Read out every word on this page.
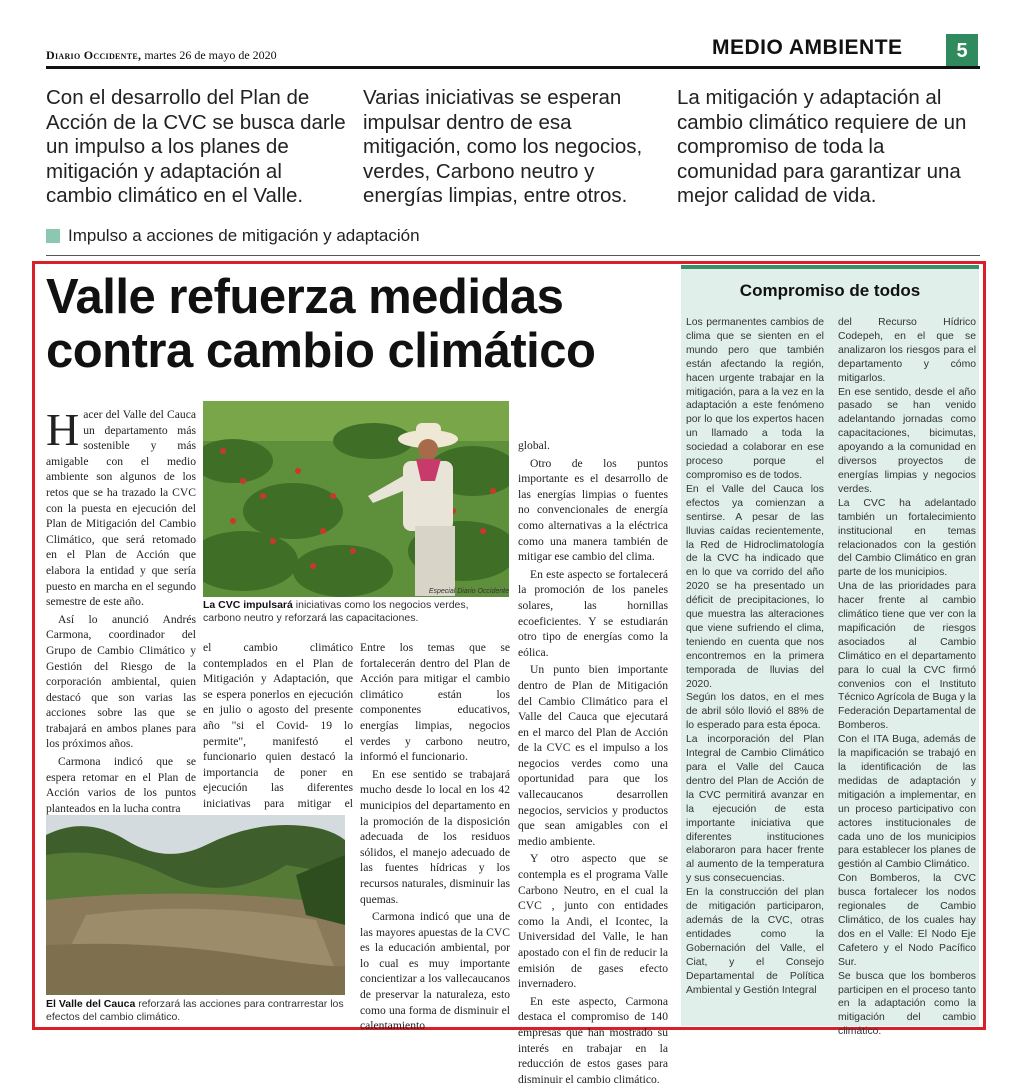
Diario Occidente, martes 26 de mayo de 2020	MEDIO AMBIENTE	5
Con el desarrollo del Plan de Acción de la CVC se busca darle un impulso a los planes de mitigación y adaptación al cambio climático en el Valle.
Varias iniciativas se esperan impulsar dentro de esa mitigación, como los negocios, verdes, Carbono neutro y energías limpias, entre otros.
La mitigación y adaptación al cambio climático requiere de un compromiso de toda la comunidad para garantizar una mejor calidad de vida.
Impulso a acciones de mitigación y adaptación
Valle refuerza medidas contra cambio climático

Hacer del Valle del Cauca un departamento más sostenible y más amigable con el medio ambiente son algunos de los retos que se ha trazado la CVC con la puesta en ejecución del Plan de Mitigación del Cambio Climático, que será retomado en el Plan de Acción que elabora la entidad y que sería puesto en marcha en el segundo semestre de este año.

Así lo anunció Andrés Carmona, coordinador del Grupo de Cambio Climático y Gestión del Riesgo de la corporación ambiental, quien destacó que son varias las acciones sobre las que se trabajará en ambos planes para los próximos años.

Carmona indicó que se espera retomar en el Plan de Acción varios de los puntos planteados en la lucha contra

Especial Diario Occidente
La CVC impulsará iniciativas como los negocios verdes, carbono neutro y reforzará las capacitaciones.

el cambio climático contemplados en el Plan de Mitigación y Adaptación, que se espera ponerlos en ejecución en julio o agosto del presente año "si el Covid- 19 lo permite", manifestó el funcionario quien destacó la importancia de poner en ejecución las diferentes iniciativas para mitigar el

El Valle del Cauca reforzará las acciones para contrarrestar los efectos del cambio climático.

Entre los temas que se fortalecerán dentro del Plan de Acción para mitigar el cambio climático están los componentes educativos, energías limpias, negocios verdes y carbono neutro, informó el funcionario.

En ese sentido se trabajará mucho desde lo local en los 42 municipios del departamento en la promoción de la disposición adecuada de los residuos sólidos, el manejo adecuado de las fuentes hídricas y los recursos naturales, disminuir las quemas.

Carmona indicó que una de las mayores apuestas de la CVC es la educación ambiental, por lo cual es muy importante concientizar a los vallecaucanos de preservar la naturaleza, esto como una forma de disminuir el calentamiento

global.

Otro de los puntos importante es el desarrollo de las energías limpias o fuentes no convencionales de energía como alternativas a la eléctrica como una manera también de mitigar ese cambio del clima.

En este aspecto se fortalecerá la promoción de los paneles solares, las hornillas ecoeficientes. Y se estudiarán otro tipo de energías como la eólica.

Un punto bien importante dentro de Plan de Mitigación del Cambio Climático para el Valle del Cauca que ejecutará en el marco del Plan de Acción de la CVC es el impulso a los negocios verdes como una oportunidad para que los vallecaucanos desarrollen negocios, servicios y productos que sean amigables con el medio ambiente.

Y otro aspecto que se contempla es el programa Valle Carbono Neutro, en el cual la CVC , junto con entidades como la Andi, el Icontec, la Universidad del Valle, le han apostado con el fin de reducir la emisión de gases efecto invernadero.

En este aspecto, Carmona destaca el compromiso de 140 empresas que han mostrado su interés en trabajar en la reducción de estos gases para disminuir el cambio climático.

Compromiso de todos

Los permanentes cambios de clima que se sienten en el mundo pero que también están afectando la región, hacen urgente trabajar en la mitigación, para a la vez en la adaptación a este fenómeno por lo que los expertos hacen un llamado a toda la sociedad a colaborar en ese proceso porque el compromiso es de todos.

En el Valle del Cauca los efectos ya comienzan a sentirse. A pesar de las lluvias caídas recientemente, la Red de Hidroclimatología de la CVC ha indicado que en lo que va corrido del año 2020 se ha presentado un déficit de precipitaciones, lo que muestra las alteraciones que viene sufriendo el clima, teniendo en cuenta que nos encontremos en la primera temporada de lluvias del 2020.

Según los datos, en el mes de abril sólo llovió el 88% de lo esperado para esta época.

La incorporación del Plan Integral de Cambio Climático para el Valle del Cauca dentro del Plan de Acción de la CVC permitirá avanzar en la ejecución de esta importante iniciativa que diferentes instituciones elaboraron para hacer frente al aumento de la temperatura y sus consecuencias.

En la construcción del plan de mitigación participaron, además de la CVC, otras entidades como la Gobernación del Valle, el Ciat, y el Consejo Departamental de Política Ambiental y Gestión Integral

del Recurso Hídrico Codepeh, en el que se analizaron los riesgos para el departamento y cómo mitigarlos.

En ese sentido, desde el año pasado se han venido adelantando jornadas como capacitaciones, bicimutas, apoyando a la comunidad en diversos proyectos de energías limpias y negocios verdes.

La CVC ha adelantado también un fortalecimiento institucional en temas relacionados con la gestión del Cambio Climático en gran parte de los municipios.

Una de las prioridades para hacer frente al cambio climático tiene que ver con la mapificación de riesgos asociados al Cambio Climático en el departamento para lo cual la CVC firmó convenios con el Instituto Técnico Agrícola de Buga y la Federación Departamental de Bomberos.

Con el ITA Buga, además de la mapificación se trabajó en la identificación de las medidas de adaptación y mitigación a implementar, en un proceso participativo con actores institucionales de cada uno de los municipios para establecer los planes de gestión al Cambio Climático.

Con Bomberos, la CVC busca fortalecer los nodos regionales de Cambio Climático, de los cuales hay dos en el Valle: El Nodo Eje Cafetero y el Nodo Pacífico Sur.

Se busca que los bomberos participen en el proceso tanto en la adaptación como la mitigación del cambio climático.
